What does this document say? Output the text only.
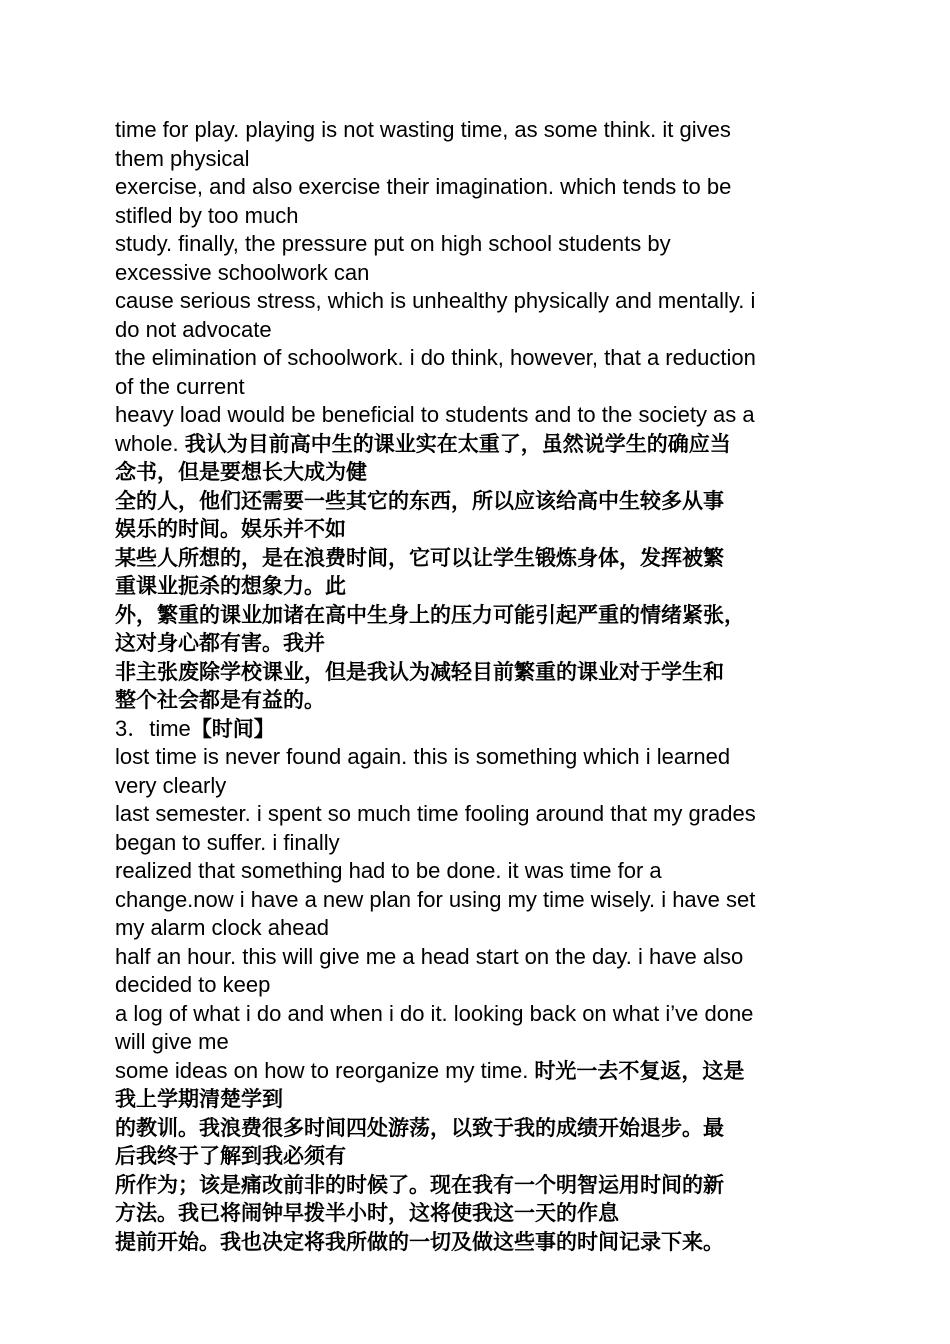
time for play. playing is not wasting time, as some think. it gives
them physical
exercise, and also exercise their imagination. which tends to be
stifled by too much
study. finally, the pressure put on high school students by
excessive schoolwork can
cause serious stress, which is unhealthy physically and mentally. i
do not advocate
the elimination of schoolwork. i do think, however, that a reduction
of the current
heavy load would be beneficial to students and to the society as a
whole. 我认为目前高中生的课业实在太重了，虽然说学生的确应当
念书，但是要想长大成为健
全的人，他们还需要一些其它的东西，所以应该给高中生较多从事
娱乐的时间。娱乐并不如
某些人所想的，是在浪费时间，它可以让学生锻炼身体，发挥被繁
重课业扼杀的想象力。此
外，繁重的课业加诸在高中生身上的压力可能引起严重的情绪紧张，
这对身心都有害。我并
非主张废除学校课业，但是我认为减轻目前繁重的课业对于学生和
整个社会都是有益的。
3．time【时间】
lost time is never found again. this is something which i learned
very clearly
last semester. i spent so much time fooling around that my grades
began to suffer. i finally
realized that something had to be done. it was time for a
change.now i have a new plan for using my time wisely. i have set
my alarm clock ahead
half an hour. this will give me a head start on the day. i have also
decided to keep
a log of what i do and when i do it. looking back on what i’ve done
will give me
some ideas on how to reorganize my time. 时光一去不复返，这是
我上学期清楚学到
的教训。我浪费很多时间四处游荡，以致于我的成绩开始退步。最
后我终于了解到我必须有
所作为；该是痛改前非的时候了。现在我有一个明智运用时间的新
方法。我已将闹钟早拨半小时，这将使我这一天的作息
提前开始。我也决定将我所做的一切及做这些事的时间记录下来。
